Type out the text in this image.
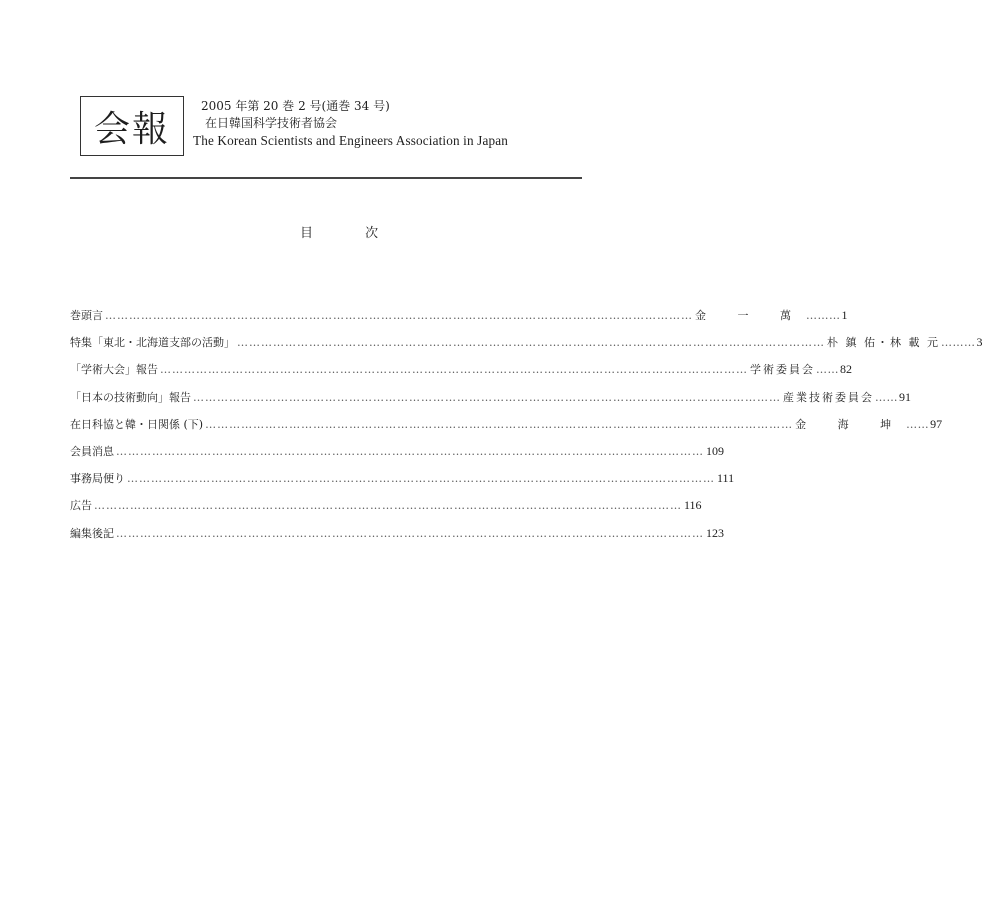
会報
2005 年第 20 巻 2 号(通巻 34 号)
在日韓国科学技術者協会
The Korean Scientists and Engineers Association in Japan
目 次
巻頭言 ………………………………………………………………………………………………………………………………… 金 一 萬 ……… 1
特集「東北・北海道支部の活動」 ………………………………………………………………………………………………………………………………… 朴 鎮 佑・林 載 元 ……… 3
「学術大会」報告 ………………………………………………………………………………………………………………………………… 学術委員会 …… 82
「日本の技術動向」報告 ………………………………………………………………………………………………………………………………… 産業技術委員会 …… 91
在日科協と韓・日関係 (下) ………………………………………………………………………………………………………………………………… 金 海 坤 …… 97
会員消息 ………………………………………………………………………………………………………………………………… 109
事務局便り ………………………………………………………………………………………………………………………………… 111
広告 ………………………………………………………………………………………………………………………………… 116
編集後記 ………………………………………………………………………………………………………………………………… 123
